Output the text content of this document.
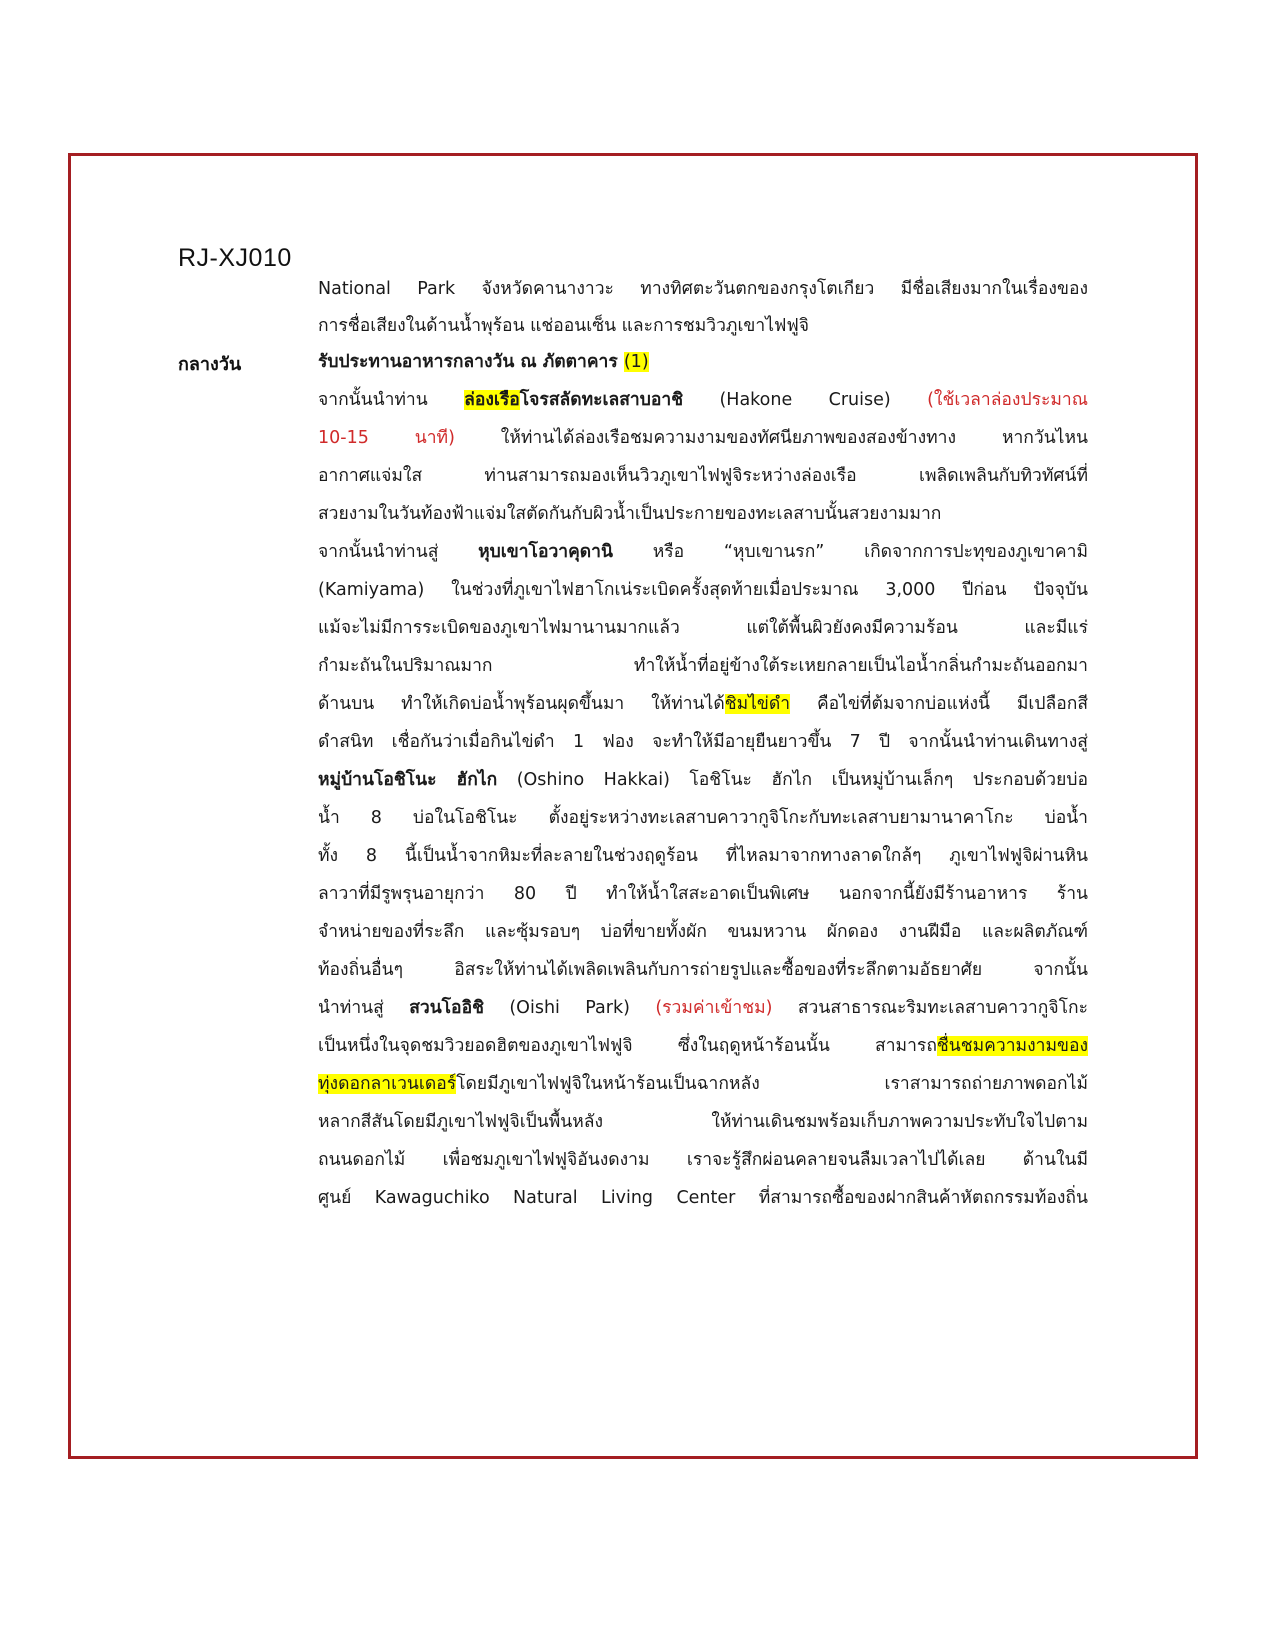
RJ-XJ010
กลางวัน
National Park จังหวัดคานางาวะ ทางทิศตะวันตกของกรุงโตเกียว มีชื่อเสียงมากในเรื่องของ
การชื่อเสียงในด้านน้ำพุร้อน แช่ออนเซ็น และการชมวิวภูเขาไฟฟูจิ
รับประทานอาหารกลางวัน ณ ภัตตาคาร (1)
จากนั้นนำท่าน ล่องเรือโจรสลัดทะเลสาบอาชิ (Hakone Cruise) (ใช้เวลาล่องประมาณ
10-15 นาที) ให้ท่านได้ล่องเรือชมความงามของทัศนียภาพของสองข้างทาง หากวันไหน
อากาศแจ่มใส ท่านสามารถมองเห็นวิวภูเขาไฟฟูจิระหว่างล่องเรือ เพลิดเพลินกับทิวทัศน์ที่
สวยงามในวันท้องฟ้าแจ่มใสตัดกันกับผิวน้ำเป็นประกายของทะเลสาบนั้นสวยงามมาก
จากนั้นนำท่านสู่ หุบเขาโอวาคุดานิ หรือ “หุบเขานรก” เกิดจากการปะทุของภูเขาคามิ
(Kamiyama) ในช่วงที่ภูเขาไฟฮาโกเน่ระเบิดครั้งสุดท้ายเมื่อประมาณ 3,000 ปีก่อน ปัจจุบัน
แม้จะไม่มีการระเบิดของภูเขาไฟมานานมากแล้ว แต่ใต้พื้นผิวยังคงมีความร้อน และมีแร่
กำมะถันในปริมาณมาก ทำให้น้ำที่อยู่ข้างใต้ระเหยกลายเป็นไอน้ำกลิ่นกำมะถันออกมา
ด้านบน ทำให้เกิดบ่อน้ำพุร้อนผุดขึ้นมา ให้ท่านได้ชิมไข่ดำ คือไข่ที่ต้มจากบ่อแห่งนี้ มีเปลือกสี
ดำสนิท เชื่อกันว่าเมื่อกินไข่ดำ 1 ฟอง จะทำให้มีอายุยืนยาวขึ้น 7 ปี จากนั้นนำท่านเดินทางสู่
หมู่บ้านโอชิโนะ ฮักไก (Oshino Hakkai) โอชิโนะ ฮักไก เป็นหมู่บ้านเล็กๆ ประกอบด้วยบ่อ
น้ำ 8 บ่อในโอชิโนะ ตั้งอยู่ระหว่างทะเลสาบคาวากูจิโกะกับทะเลสาบยามานาคาโกะ บ่อน้ำ
ทั้ง 8 นี้เป็นน้ำจากหิมะที่ละลายในช่วงฤดูร้อน ที่ไหลมาจากทางลาดใกล้ๆ ภูเขาไฟฟูจิผ่านหิน
ลาวาที่มีรูพรุนอายุกว่า 80 ปี ทำให้น้ำใสสะอาดเป็นพิเศษ นอกจากนี้ยังมีร้านอาหาร ร้าน
จำหน่ายของที่ระลึก และซุ้มรอบๆ บ่อที่ขายทั้งผัก ขนมหวาน ผักดอง งานฝีมือ และผลิตภัณฑ์
ท้องถิ่นอื่นๆ อิสระให้ท่านได้เพลิดเพลินกับการถ่ายรูปและซื้อของที่ระลึกตามอัธยาศัย จากนั้น
นำท่านสู่ สวนโออิชิ (Oishi Park) (รวมค่าเข้าชม) สวนสาธารณะริมทะเลสาบคาวากูจิโกะ
เป็นหนึ่งในจุดชมวิวยอดฮิตของภูเขาไฟฟูจิ ซึ่งในฤดูหน้าร้อนนั้น สามารถชื่นชมความงามของ
ทุ่งดอกลาเวนเดอร์โดยมีภูเขาไฟฟูจิในหน้าร้อนเป็นฉากหลัง เราสามารถถ่ายภาพดอกไม้
หลากสีสันโดยมีภูเขาไฟฟูจิเป็นพื้นหลัง ให้ท่านเดินชมพร้อมเก็บภาพความประทับใจไปตาม
ถนนดอกไม้ เพื่อชมภูเขาไฟฟูจิอันงดงาม เราจะรู้สึกผ่อนคลายจนลืมเวลาไปได้เลย ด้านในมี
ศูนย์ Kawaguchiko Natural Living Center ที่สามารถซื้อของฝากสินค้าหัตถกรรมท้องถิ่น
